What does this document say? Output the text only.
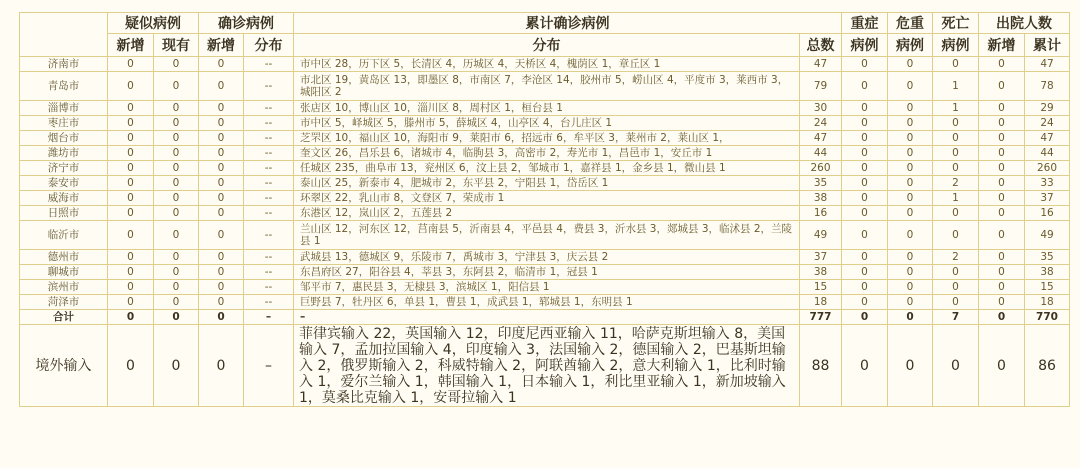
	疑似病例		确诊病例		累计确诊病例		重症	危重	死亡	出院人数	
	新增	现有	新增	分布	分布	总数	病例	病例	病例	新增	累计
济南市	0	0	0	--	市中区 28，历下区 5，长清区 4，历城区 4，天桥区 4，槐荫区 1，章丘区 1	47	0	0	0	0	47
青岛市	0	0	0	--	市北区 19，黄岛区 13，即墨区 8，市南区 7，李沧区 14，胶州市 5，崂山区 4，平度市 3，莱西市 3，城阳区 2	79	0	0	1	0	78
淄博市	0	0	0	--	张店区 10，博山区 10，淄川区 8，周村区 1，桓台县 1	30	0	0	1	0	29
枣庄市	0	0	0	--	市中区 5，峄城区 5，滕州市 5，薛城区 4，山亭区 4，台儿庄区 1	24	0	0	0	0	24
烟台市	0	0	0	--	芝罘区 10，福山区 10，海阳市 9，莱阳市 6，招远市 6，牟平区 3，莱州市 2，莱山区 1，	47	0	0	0	0	47
潍坊市	0	0	0	--	奎文区 26，昌乐县 6，诸城市 4，临朐县 3，高密市 2，寿光市 1，昌邑市 1，安丘市 1	44	0	0	0	0	44
济宁市	0	0	0	--	任城区 235，曲阜市 13，兖州区 6，汶上县 2，邹城市 1，嘉祥县 1，金乡县 1，微山县 1	260	0	0	0	0	260
泰安市	0	0	0	--	泰山区 25，新泰市 4，肥城市 2，东平县 2，宁阳县 1，岱岳区 1	35	0	0	2	0	33
威海市	0	0	0	--	环翠区 22，乳山市 8，文登区 7，荣成市 1	38	0	0	1	0	37
日照市	0	0	0	--	东港区 12，岚山区 2，五莲县 2	16	0	0	0	0	16
临沂市	0	0	0	--	兰山区 12，河东区 12，莒南县 5，沂南县 4，平邑县 4，费县 3，沂水县 3，郯城县 3，临沭县 2，兰陵县 1	49	0	0	0	0	49
德州市	0	0	0	--	武城县 13，德城区 9，乐陵市 7，禹城市 3，宁津县 3，庆云县 2	37	0	0	2	0	35
聊城市	0	0	0	--	东昌府区 27，阳谷县 4，莘县 3，东阿县 2，临清市 1，冠县 1	38	0	0	0	0	38
滨州市	0	0	0	--	邹平市 7，惠民县 3，无棣县 3，滨城区 1，阳信县 1	15	0	0	0	0	15
菏泽市	0	0	0	--	巨野县 7，牡丹区 6，单县 1，曹县 1，成武县 1，郓城县 1，东明县 1	18	0	0	0	0	18
合计	0	0	0	–	–	777	0	0	7	0	770
境外输入	0	0	0	–	菲律宾输入 22，英国输入 12，印度尼西亚输入 11，哈萨克斯坦输入 8，美国输入 7，孟加拉国输入 4，印度输入 3，法国输入 2，德国输入 2，巴基斯坦输入 2，俄罗斯输入 2，科威特输入 2，阿联酋输入 2，意大利输入 1，比利时输入 1，爱尔兰输入 1，韩国输入 1，日本输入 1，利比里亚输入 1，新加坡输入 1，莫桑比克输入 1，安哥拉输入 1	88	0	0	0	0	86
